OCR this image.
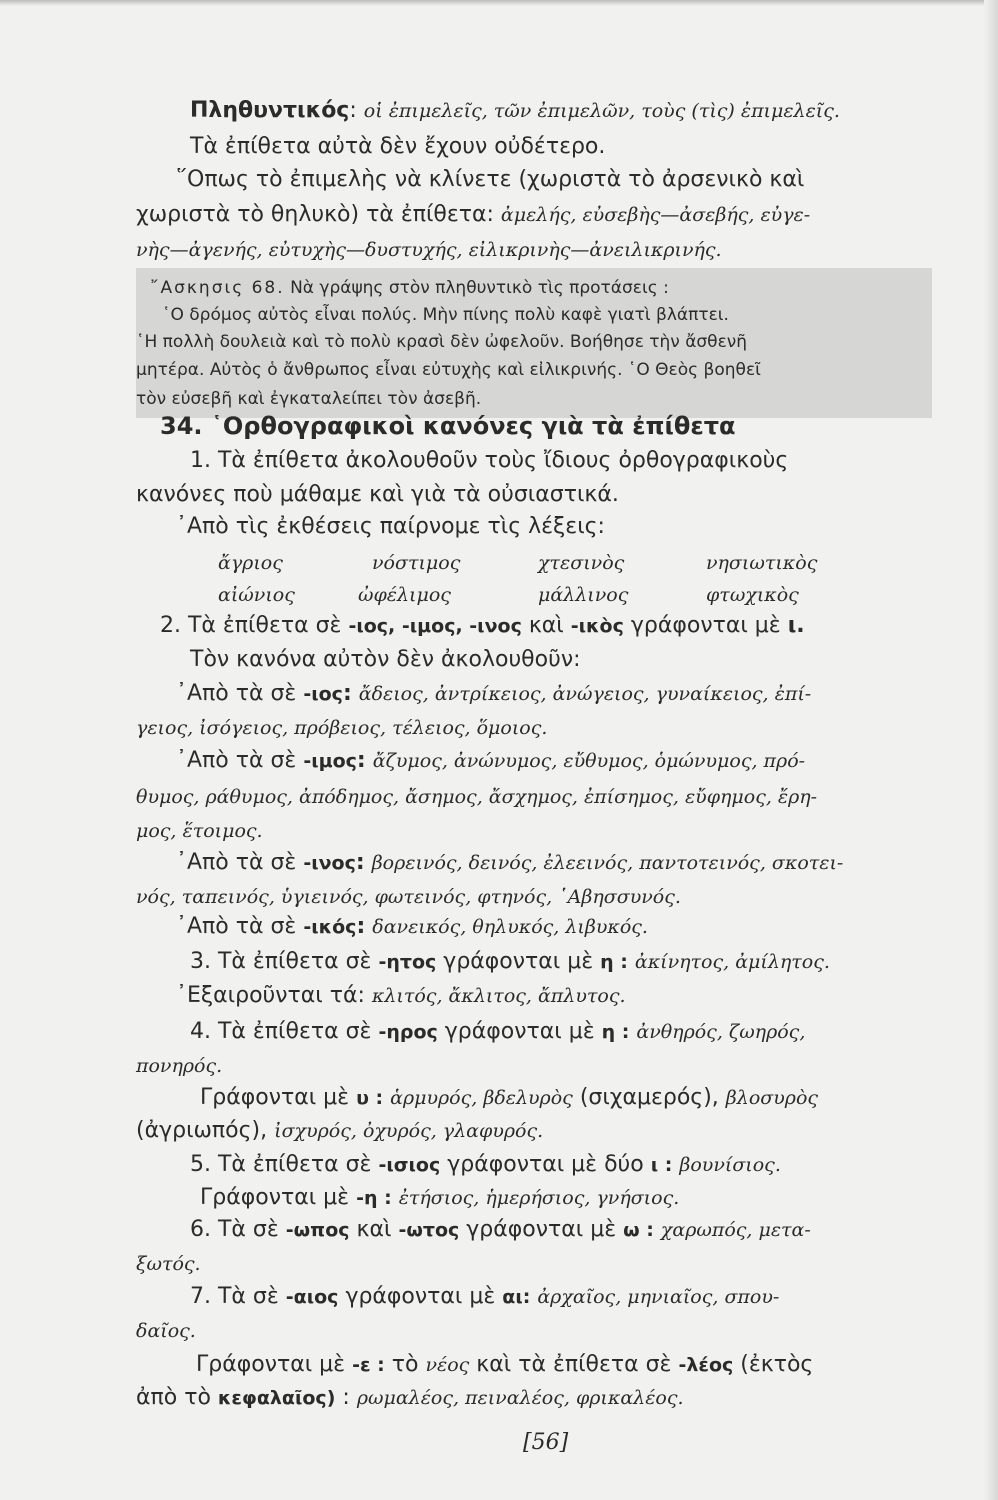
Πληθυντικός: οἱ ἐπιμελεῖς, τῶν ἐπιμελῶν, τοὺς (τὶς) ἐπιμελεῖς.
Τὰ ἐπίθετα αὐτὰ δὲν ἔχουν οὐδέτερο.
῞Οπως τὸ ἐπιμελὴς νὰ κλίνετε (χωριστὰ τὸ ἀρσενικὸ καὶ
χωριστὰ τὸ θηλυκὸ) τὰ ἐπίθετα: ἀμελής, εὐσεβὴς—ἀσεβής, εὐγε-
νὴς—ἀγενής, εὐτυχὴς—δυστυχής, εἰλικρινὴς—ἀνειλικρινής.
῎Ασκησις 68. Νὰ γράψης στὸν πληθυντικὸ τὶς προτάσεις :
῾Ο δρόμος αὐτὸς εἶναι πολύς. Μὴν πίνης πολὺ καφὲ γιατὶ βλάπτει.
῾Η πολλὴ δουλειὰ καὶ τὸ πολὺ κρασὶ δὲν ὠφελοῦν. Βοήθησε τὴν ἄσθενῆ
μητέρα. Αὐτὸς ὁ ἄνθρωπος εἶναι εὐτυχὴς καὶ εἰλικρινής. ῾Ο Θεὸς βοηθεῖ
τὸν εὐσεβῆ καὶ ἐγκαταλείπει τὸν ἀσεβῆ.
34. ῾Ορθογραφικοὶ κανόνες γιὰ τὰ ἐπίθετα
1. Τὰ ἐπίθετα ἀκολουθοῦν τοὺς ἴδιους ὀρθογραφικοὺς
κανόνες ποὺ μάθαμε καὶ γιὰ τὰ οὐσιαστικά.
᾿Απὸ τὶς ἐκθέσεις παίρνομε τὶς λέξεις:
ἄγριος	νόστιμος	χτεσινὸς	νησιωτικὸς
αἰώνιος	ὠφέλιμος	μάλλινος	φτωχικὸς
2. Τὰ ἐπίθετα σὲ -ιος, -ιμος, -ινος καὶ -ικὸς γράφονται μὲ ι.
Τὸν κανόνα αὐτὸν δὲν ἀκολουθοῦν:
᾿Απὸ τὰ σὲ -ιος: ἄδειος, ἀντρίκειος, ἀνώγειος, γυναίκειος, ἐπί-
γειος, ἰσόγειος, πρόβειος, τέλειος, ὅμοιος.
᾿Απὸ τὰ σὲ -ιμος: ἄζυμος, ἀνώνυμος, εὔθυμος, ὁμώνυμος, πρό-
θυμος, ράθυμος, ἀπόδημος, ἄσημος, ἄσχημος, ἐπίσημος, εὔφημος, ἔρη-
μος, ἕτοιμος.
᾿Απὸ τὰ σὲ -ινος: βορεινός, δεινός, ἐλεεινός, παντοτεινός, σκοτει-
νός, ταπεινός, ὑγιεινός, φωτεινός, φτηνός, ῾Αβησσυνός.
᾿Απὸ τὰ σὲ -ικός: δανεικός, θηλυκός, λιβυκός.
3. Τὰ ἐπίθετα σὲ -ητος γράφονται μὲ η : ἀκίνητος, ἀμίλητος.
᾿Εξαιροῦνται τά: κλιτός, ἄκλιτος, ἄπλυτος.
4. Τὰ ἐπίθετα σὲ -ηρος γράφονται μὲ η : ἀνθηρός, ζωηρός,
πονηρός.
Γράφονται μὲ υ : ἁρμυρός, βδελυρὸς (σιχαμερός), βλοσυρὸς
(ἀγριωπός), ἰσχυρός, ὀχυρός, γλαφυρός.
5. Τὰ ἐπίθετα σὲ -ισιος γράφονται μὲ δύο ι : βουνίσιος.
Γράφονται μὲ -η : ἐτήσιος, ἡμερήσιος, γνήσιος.
6. Τὰ σὲ -ωπος καὶ -ωτος γράφονται μὲ ω : χαρωπός, μετα-
ξωτός.
7. Τὰ σὲ -αιος γράφονται μὲ αι: ἀρχαῖος, μηνιαῖος, σπου-
δαῖος.
Γράφονται μὲ -ε : τὸ νέος καὶ τὰ ἐπίθετα σὲ -λέος (ἐκτὸς
ἀπὸ τὸ κεφαλαῖος) : ρωμαλέος, πειναλέος, φρικαλέος.
[56]
